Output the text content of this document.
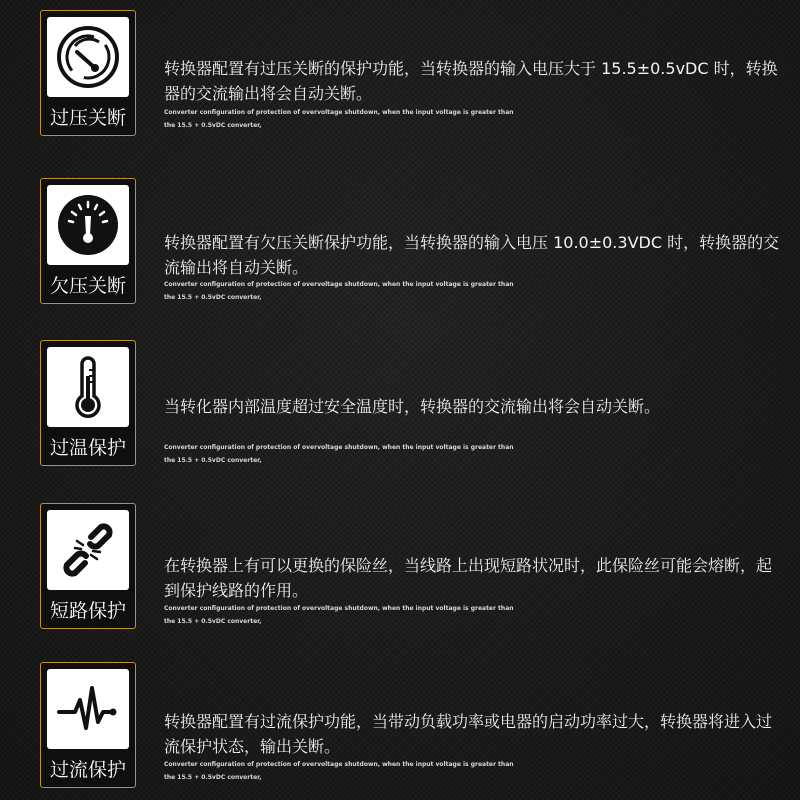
过压关断
转换器配置有过压关断的保护功能，当转换器的输入电压大于 15.5±0.5vDC 时，转换器的交流输出将会自动关断。
Converter configuration of protection of overvoltage shutdown, when the input voltage is greater than the 15.5 + 0.5vDC converter,
欠压关断
转换器配置有欠压关断保护功能，当转换器的输入电压 10.0±0.3VDC 时，转换器的交流输出将自动关断。
Converter configuration of protection of overvoltage shutdown, when the input voltage is greater than the 15.5 + 0.5vDC converter,
过温保护
当转化器内部温度超过安全温度时，转换器的交流输出将会自动关断。
Converter configuration of protection of overvoltage shutdown, when the input voltage is greater than the 15.5 + 0.5vDC converter,
短路保护
在转换器上有可以更换的保险丝，当线路上出现短路状况时，此保险丝可能会熔断，起到保护线路的作用。
Converter configuration of protection of overvoltage shutdown, when the input voltage is greater than the 15.5 + 0.5vDC converter,
过流保护
转换器配置有过流保护功能，当带动负载功率或电器的启动功率过大，转换器将进入过流保护状态，输出关断。
Converter configuration of protection of overvoltage shutdown, when the input voltage is greater than the 15.5 + 0.5vDC converter,
